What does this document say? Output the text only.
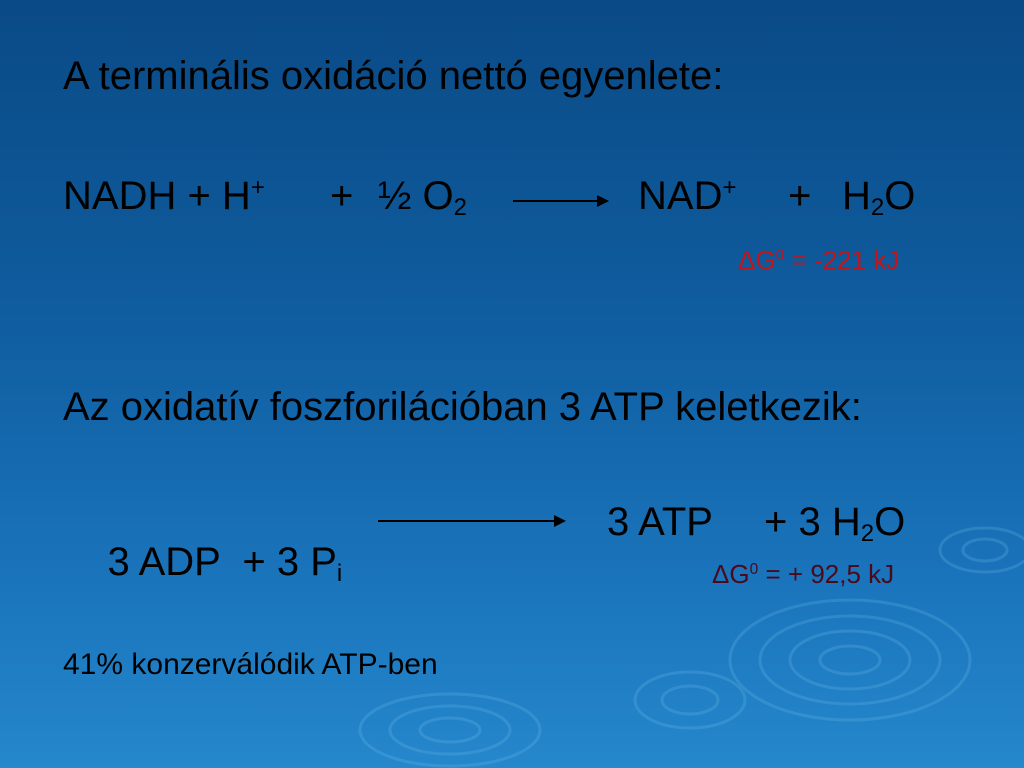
A terminális oxidáció nettó egyenlete:
NADH + H+ + ½ $O_2$	$NAD^+ + H_2O$
$\Delta G^0 = -221$ kJ
Az oxidatív foszforilációban 3 ATP keletkezik:

3 ADP  + 3 $P_i$

3 ATP + 3 $H_2O$
$\Delta G^0$ = + 92,5 kJ
41% konzerválódik ATP-ben
